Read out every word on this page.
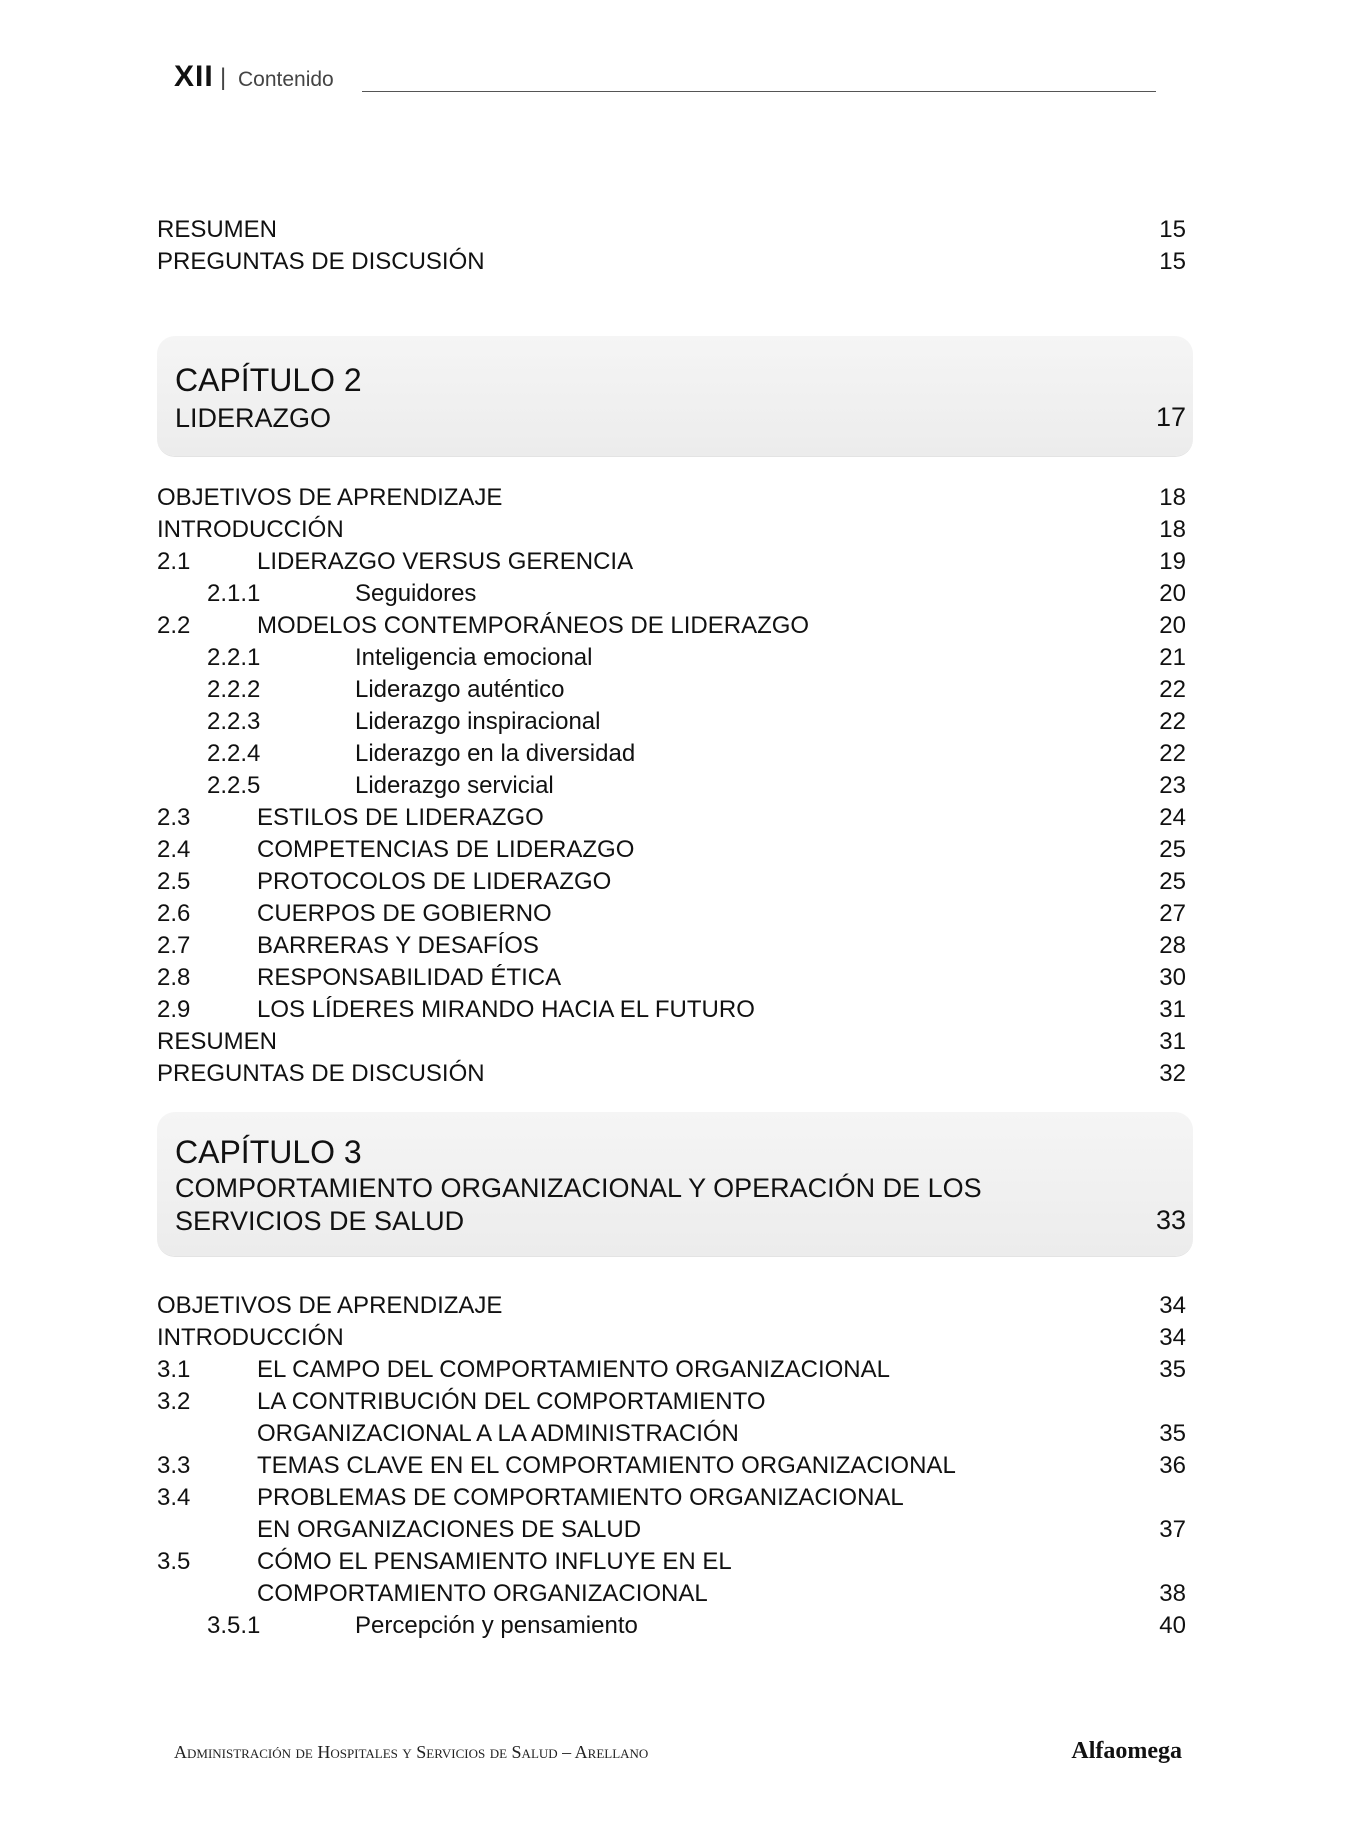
XII | Contenido
RESUMEN	15
PREGUNTAS DE DISCUSIÓN	15
CAPÍTULO 2
LIDERAZGO	17
OBJETIVOS DE APRENDIZAJE	18
INTRODUCCIÓN	18
2.1	LIDERAZGO VERSUS GERENCIA	19
2.1.1	Seguidores	20
2.2	MODELOS CONTEMPORÁNEOS DE LIDERAZGO	20
2.2.1	Inteligencia emocional	21
2.2.2	Liderazgo auténtico	22
2.2.3	Liderazgo inspiracional	22
2.2.4	Liderazgo en la diversidad	22
2.2.5	Liderazgo servicial	23
2.3	ESTILOS DE LIDERAZGO	24
2.4	COMPETENCIAS DE LIDERAZGO	25
2.5	PROTOCOLOS DE LIDERAZGO	25
2.6	CUERPOS DE GOBIERNO	27
2.7	BARRERAS Y DESAFÍOS	28
2.8	RESPONSABILIDAD ÉTICA	30
2.9	LOS LÍDERES MIRANDO HACIA EL FUTURO	31
RESUMEN	31
PREGUNTAS DE DISCUSIÓN	32
CAPÍTULO 3
COMPORTAMIENTO ORGANIZACIONAL Y OPERACIÓN DE LOS
SERVICIOS DE SALUD	33
OBJETIVOS DE APRENDIZAJE	34
INTRODUCCIÓN	34
3.1	EL CAMPO DEL COMPORTAMIENTO ORGANIZACIONAL	35
3.2	LA CONTRIBUCIÓN DEL COMPORTAMIENTO
ORGANIZACIONAL A LA ADMINISTRACIÓN	35
3.3	TEMAS CLAVE EN EL COMPORTAMIENTO ORGANIZACIONAL	36
3.4	PROBLEMAS DE COMPORTAMIENTO ORGANIZACIONAL
EN ORGANIZACIONES DE SALUD	37
3.5	CÓMO EL PENSAMIENTO INFLUYE EN EL
COMPORTAMIENTO ORGANIZACIONAL	38
3.5.1	Percepción y pensamiento	40
Administración de Hospitales y Servicios de Salud – Arellano	Alfaomega
